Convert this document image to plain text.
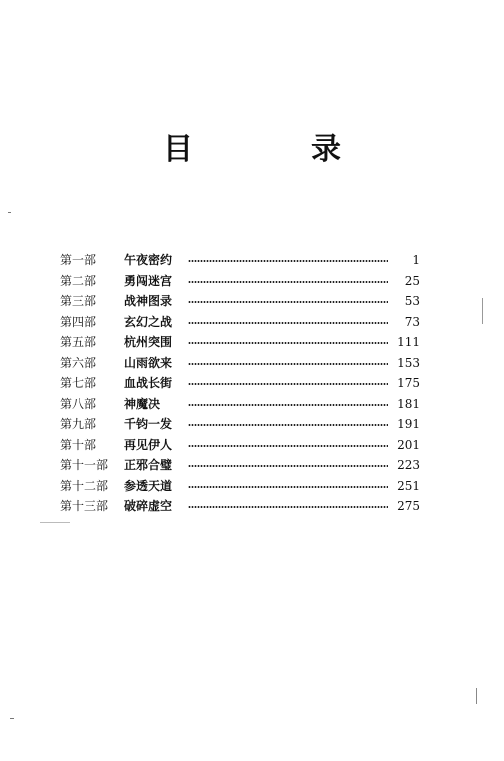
目　录
第一部	午夜密约	1
第二部	勇闯迷宫	25
第三部	战神图录	53
第四部	玄幻之战	73
第五部	杭州突围	111
第六部	山雨欲来	153
第七部	血战长街	175
第八部	神魔决	181
第九部	千钧一发	191
第十部	再见伊人	201
第十一部	正邪合璧	223
第十二部	参透天道	251
第十三部	破碎虚空	275
